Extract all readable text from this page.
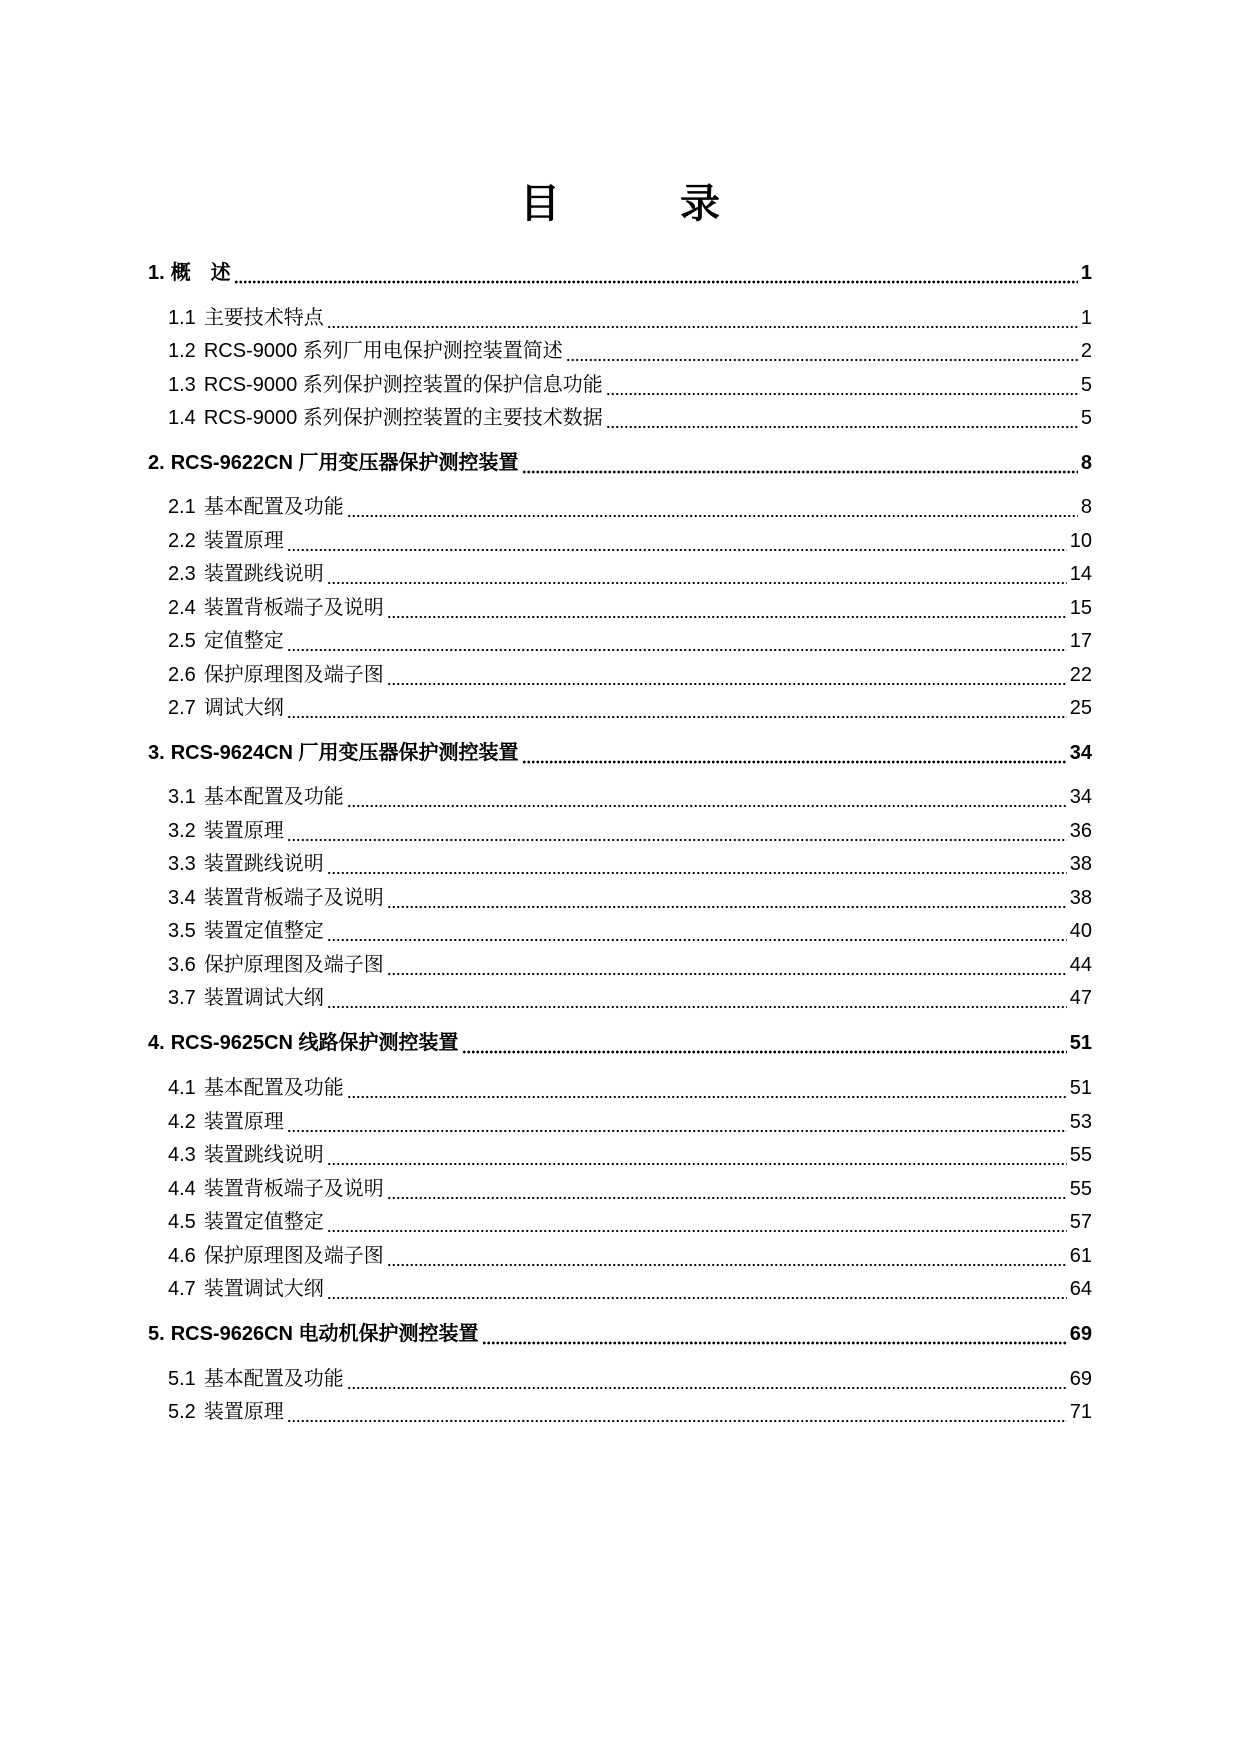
目　录
1. 概　述	1
1.1 主要技术特点	1
1.2 RCS-9000 系列厂用电保护测控装置简述	2
1.3 RCS-9000 系列保护测控装置的保护信息功能	5
1.4 RCS-9000 系列保护测控装置的主要技术数据	5
2. RCS-9622CN 厂用变压器保护测控装置	8
2.1 基本配置及功能	8
2.2 装置原理	10
2.3 装置跳线说明	14
2.4 装置背板端子及说明	15
2.5 定值整定	17
2.6 保护原理图及端子图	22
2.7 调试大纲	25
3. RCS-9624CN 厂用变压器保护测控装置	34
3.1 基本配置及功能	34
3.2 装置原理	36
3.3 装置跳线说明	38
3.4 装置背板端子及说明	38
3.5 装置定值整定	40
3.6 保护原理图及端子图	44
3.7 装置调试大纲	47
4. RCS-9625CN 线路保护测控装置	51
4.1 基本配置及功能	51
4.2 装置原理	53
4.3 装置跳线说明	55
4.4 装置背板端子及说明	55
4.5 装置定值整定	57
4.6 保护原理图及端子图	61
4.7 装置调试大纲	64
5. RCS-9626CN 电动机保护测控装置	69
5.1 基本配置及功能	69
5.2 装置原理	71
